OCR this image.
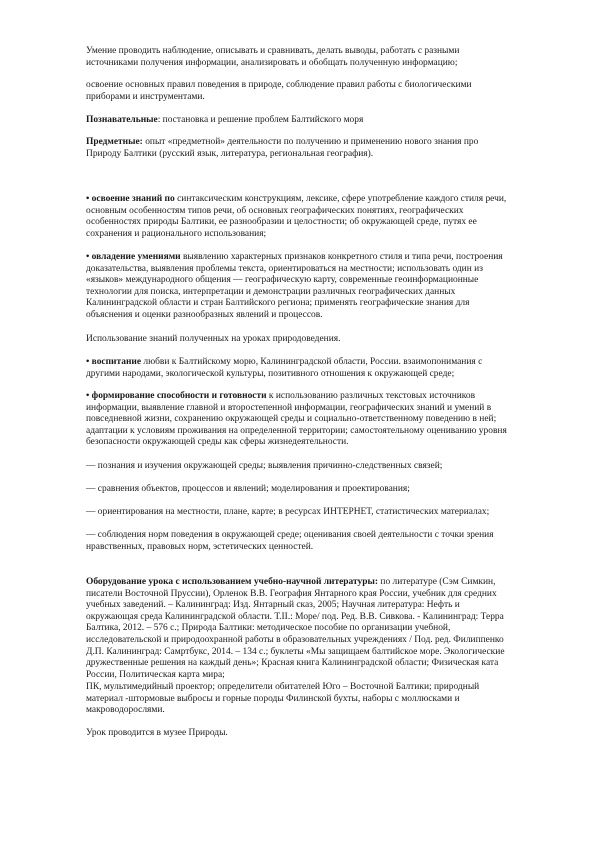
Умение проводить наблюдение, описывать и сравнивать, делать выводы, работать с разными
источниками получения информации, анализировать и обобщать полученную информацию;

освоение основных правил поведения в природе, соблюдение правил работы с биологическими
приборами и инструментами.

Познавательные: постановка и решение проблем Балтийского моря

Предметные: опыт «предметной» деятельности по получению и применению нового знания про
Природу Балтики (русский язык, литература, региональная география).

• освоение знаний по синтаксическим конструкциям, лексике, сфере употребление каждого стиля речи,
основным особенностям типов речи, об основных географических понятиях, географических
особенностях природы Балтики, ее разнообразии и целостности; об окружающей среде, путях ее
сохранения и рационального использования;

• овладение умениями выявлению характерных признаков конкретного стиля и типа речи, построения
доказательства, выявления проблемы текста, ориентироваться на местности; использовать один из
«языков» международного общения — географическую карту, современные геоинформационные
технологии для поиска, интерпретации и демонстрации различных географических данных
Калининградской области и стран Балтийского региона; применять географические знания для
объяснения и оценки разнообразных явлений и процессов.

Использование знаний полученных на уроках природоведения.

• воспитание любви к Балтийскому морю, Калининградской области, России. взаимопонимания с
другими народами, экологической культуры, позитивного отношения к окружающей среде;

• формирование способности и готовности к использованию различных текстовых источников
информации, выявление главной и второстепенной информации, географических знаний и умений в
повседневной жизни, сохранению окружающей среды и социально-ответственному поведению в ней;
адаптации к условиям проживания на определенной территории; самостоятельному оцениванию уровня
безопасности окружающей среды как сферы жизнедеятельности.

— познания и изучения окружающей среды; выявления причинно-следственных связей;

— сравнения объектов, процессов и явлений; моделирования и проектирования;

— ориентирования на местности, плане, карте; в ресурсах ИНТЕРНЕТ, статистических материалах;

— соблюдения норм поведения в окружающей среде; оценивания своей деятельности с точки зрения
нравственных, правовых норм, эстетических ценностей.

Оборудование урока с использованием учебно-научной литературы: по литературе (Сэм Симкин,
писатели Восточной Пруссии), Орленок В.В. География Янтарного края России, учебник для средних
учебных заведений. – Калининград: Изд. Янтарный сказ, 2005; Научная литература: Нефть и
окружающая среда Калининградской области. Т.II.: Море/ под. Ред. В.В. Сивкова. - Калининград: Терра
Балтика, 2012. – 576 с.; Природа Балтики: методическое пособие по организации учебной,
исследовательской и природоохранной работы в образовательных учреждениях / Под. ред. Филиппенко
Д.П. Калининград: Самртбукс, 2014. – 134 с.; буклеты «Мы защищаем балтийское море. Экологические
дружественные решения на каждый день»; Красная книга Калининградской области; Физическая ката
России, Политическая карта мира;

ПК, мультимедийный проектор; определители обитателей Юго – Восточной Балтики; природный
материал -штормовые выбросы и горные породы Филинской бухты, наборы с моллюсками и
макроводорослями.

Урок проводится в музее Природы.
